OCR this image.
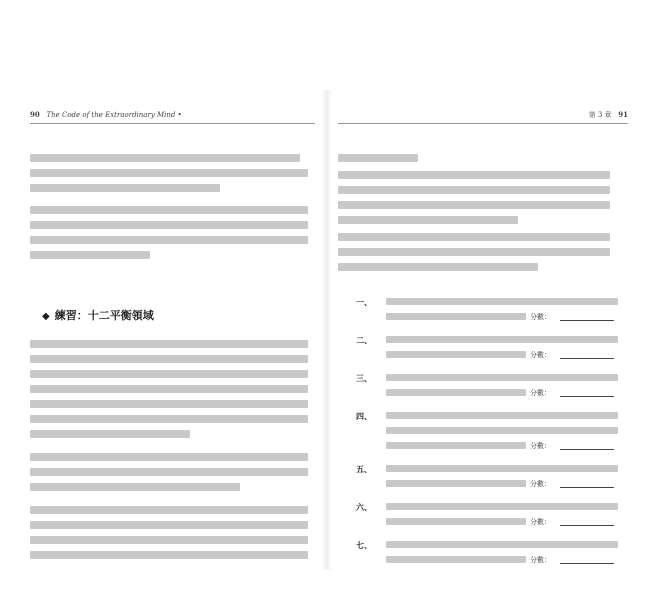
90 The Code of the Extraordinary Mind •	第 3 章 91
◆ 練習：十二平衡領域
一、
分數：
二、
分數：
三、
分數：
四、
分數：
五、
分數：
六、
分數：
七、
分數：
